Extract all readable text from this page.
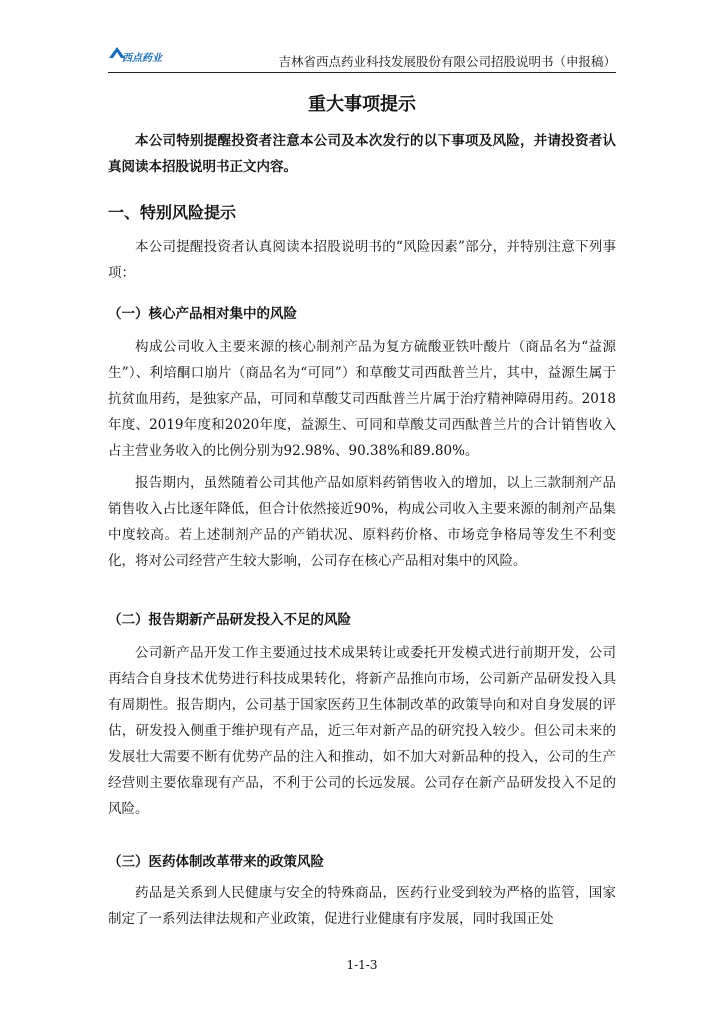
西点药业	吉林省西点药业科技发展股份有限公司招股说明书（申报稿）
重大事项提示

本公司特别提醒投资者注意本公司及本次发行的以下事项及风险，并请投资者认真阅读本招股说明书正文内容。

一、特别风险提示

本公司提醒投资者认真阅读本招股说明书的“风险因素”部分，并特别注意下列事项：

（一）核心产品相对集中的风险

构成公司收入主要来源的核心制剂产品为复方硫酸亚铁叶酸片（商品名为“益源生”）、利培酮口崩片（商品名为“可同”）和草酸艾司西酞普兰片，其中，益源生属于抗贫血用药，是独家产品，可同和草酸艾司西酞普兰片属于治疗精神障碍用药。2018年度、2019年度和2020年度，益源生、可同和草酸艾司西酞普兰片的合计销售收入占主营业务收入的比例分别为92.98%、90.38%和89.80%。

报告期内，虽然随着公司其他产品如原料药销售收入的增加，以上三款制剂产品销售收入占比逐年降低，但合计依然接近90%，构成公司收入主要来源的制剂产品集中度较高。若上述制剂产品的产销状况、原料药价格、市场竞争格局等发生不利变化，将对公司经营产生较大影响，公司存在核心产品相对集中的风险。

（二）报告期新产品研发投入不足的风险

公司新产品开发工作主要通过技术成果转让或委托开发模式进行前期开发，公司再结合自身技术优势进行科技成果转化，将新产品推向市场，公司新产品研发投入具有周期性。报告期内，公司基于国家医药卫生体制改革的政策导向和对自身发展的评估，研发投入侧重于维护现有产品，近三年对新产品的研究投入较少。但公司未来的发展壮大需要不断有优势产品的注入和推动，如不加大对新品种的投入，公司的生产经营则主要依靠现有产品，不利于公司的长远发展。公司存在新产品研发投入不足的风险。

（三）医药体制改革带来的政策风险

药品是关系到人民健康与安全的特殊商品，医药行业受到较为严格的监管，国家制定了一系列法律法规和产业政策，促进行业健康有序发展，同时我国正处

1-1-3
